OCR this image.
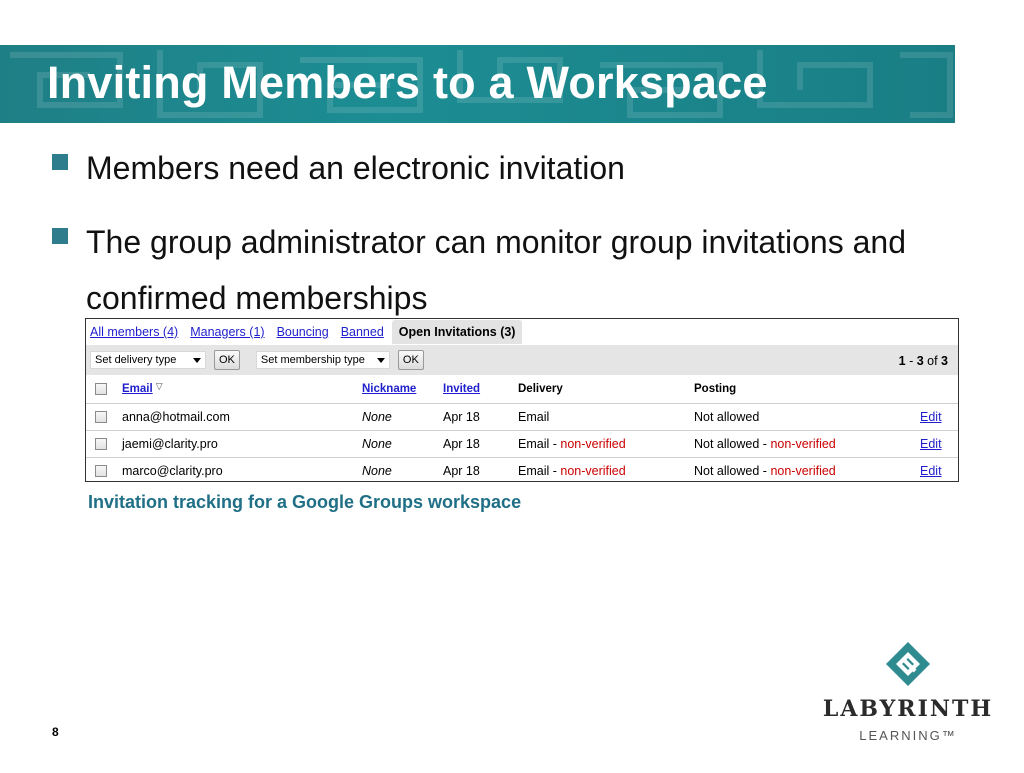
Inviting Members to a Workspace
Members need an electronic invitation
The group administrator can monitor group invitations and confirmed memberships
All members (4) Managers (1) Bouncing Banned	Open Invitations (3)
Set delivery type	OK	Set membership type	OK	1 - 3 of 3
Email ▽	Nickname Invited	Delivery	Posting
anna@hotmail.com	None	Apr 18	Email	Not allowed	Edit
jaemi@clarity.pro	None	Apr 18	Email - non-verified	Not allowed - non-verified	Edit
marco@clarity.pro	None	Apr 18	Email - non-verified	Not allowed - non-verified	Edit
Invitation tracking for a Google Groups workspace
8
LABYRINTH
LEARNING™
